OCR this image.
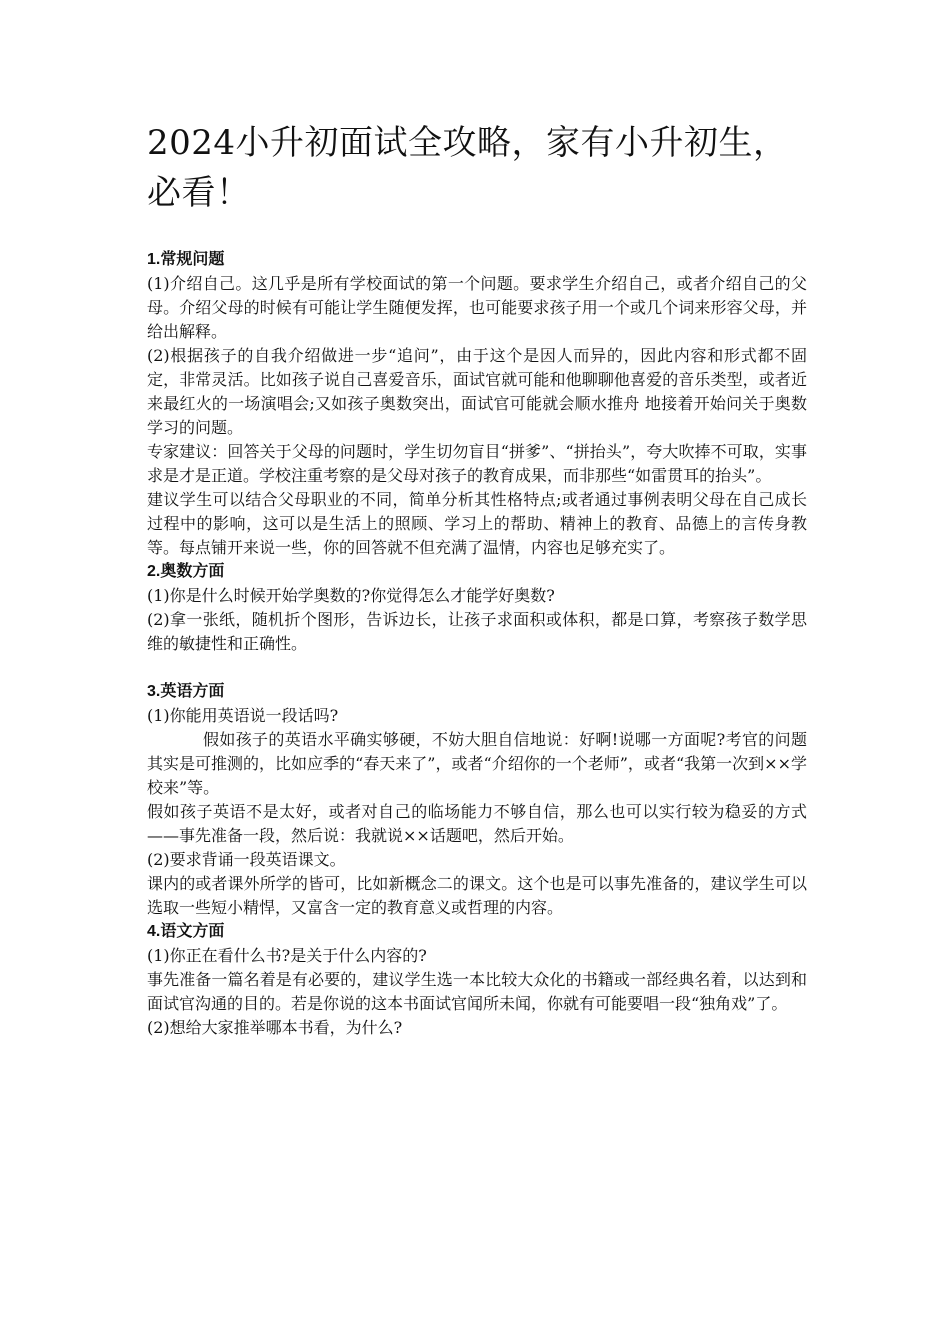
2024小升初面试全攻略，家有小升初生，必看！

1.常规问题

(1)介绍自己。这几乎是所有学校面试的第一个问题。要求学生介绍自己，或者介绍自己的父母。介绍父母的时候有可能让学生随便发挥，也可能要求孩子用一个或几个词来形容父母，并给出解释。

(2)根据孩子的自我介绍做进一步“追问”，由于这个是因人而异的，因此内容和形式都不固 定，非常灵活。比如孩子说自己喜爱音乐，面试官就可能和他聊聊他喜爱的音乐类型，或者近来最红火的一场演唱会;又如孩子奥数突出，面试官可能就会顺水推舟 地接着开始问关于奥数学习的问题。

专家建议：回答关于父母的问题时，学生切勿盲目“拼爹”、“拼抬头”，夸大吹捧不可取，实事求是才是正道。学校注重考察的是父母对孩子的教育成果，而非那些“如雷贯耳的抬头”。

建议学生可以结合父母职业的不同，简单分析其性格特点;或者通过事例表明父母在自己成长过程中的影响，这可以是生活上的照顾、学习上的帮助、精神上的教育、品德上的言传身教等。每点铺开来说一些，你的回答就不但充满了温情，内容也足够充实了。

2.奥数方面

(1)你是什么时候开始学奥数的?你觉得怎么才能学好奥数?

(2)拿一张纸，随机折个图形，告诉边长，让孩子求面积或体积，都是口算，考察孩子数学思维的敏捷性和正确性。

3.英语方面

(1)你能用英语说一段话吗?

假如孩子的英语水平确实够硬，不妨大胆自信地说：好啊!说哪一方面呢?考官的问题其实是可推测的，比如应季的“春天来了”，或者“介绍你的一个老师”，或者“我第一次到××学校来”等。

假如孩子英语不是太好，或者对自己的临场能力不够自信，那么也可以实行较为稳妥的方式——事先准备一段，然后说：我就说××话题吧，然后开始。

(2)要求背诵一段英语课文。

课内的或者课外所学的皆可，比如新概念二的课文。这个也是可以事先准备的，建议学生可以选取一些短小精悍，又富含一定的教育意义或哲理的内容。

4.语文方面

(1)你正在看什么书?是关于什么内容的?

事先准备一篇名着是有必要的，建议学生选一本比较大众化的书籍或一部经典名着，以达到和面试官沟通的目的。若是你说的这本书面试官闻所未闻，你就有可能要唱一段“独角戏”了。

(2)想给大家推举哪本书看，为什么?
